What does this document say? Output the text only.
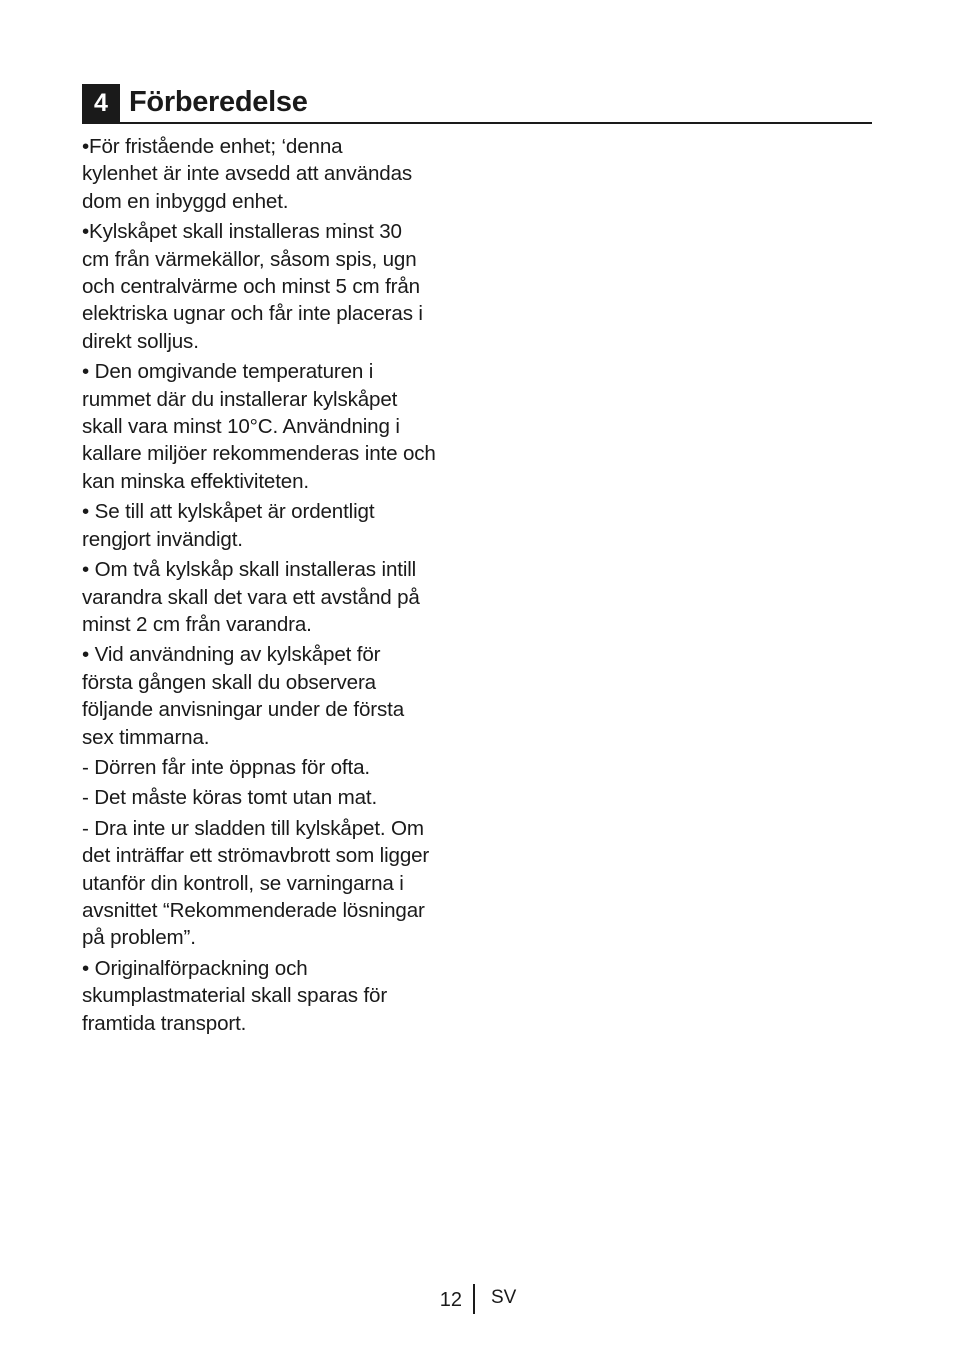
4 Förberedelse

•För fristående enhet; ‘denna
kylenhet är inte avsedd att användas
dom en inbyggd enhet.

•Kylskåpet skall installeras minst 30
cm från värmekällor, såsom spis, ugn
och centralvärme och minst 5 cm från
elektriska ugnar och får inte placeras i
direkt solljus.

• Den omgivande temperaturen i
rummet där du installerar kylskåpet
skall vara minst 10°C. Användning i
kallare miljöer rekommenderas inte och
kan minska effektiviteten.

• Se till att kylskåpet är ordentligt
rengjort invändigt.

• Om två kylskåp skall installeras intill
varandra skall det vara ett avstånd på
minst 2 cm från varandra.

• Vid användning av kylskåpet för
första gången skall du observera
följande anvisningar under de första
sex timmarna.

- Dörren får inte öppnas för ofta.

- Det måste köras tomt utan mat.

- Dra inte ur sladden till kylskåpet. Om
det inträffar ett strömavbrott som ligger
utanför din kontroll, se varningarna i
avsnittet “Rekommenderade lösningar
på problem”.

• Originalförpackning och
skumplastmaterial skall sparas för
framtida transport.

12 SV
